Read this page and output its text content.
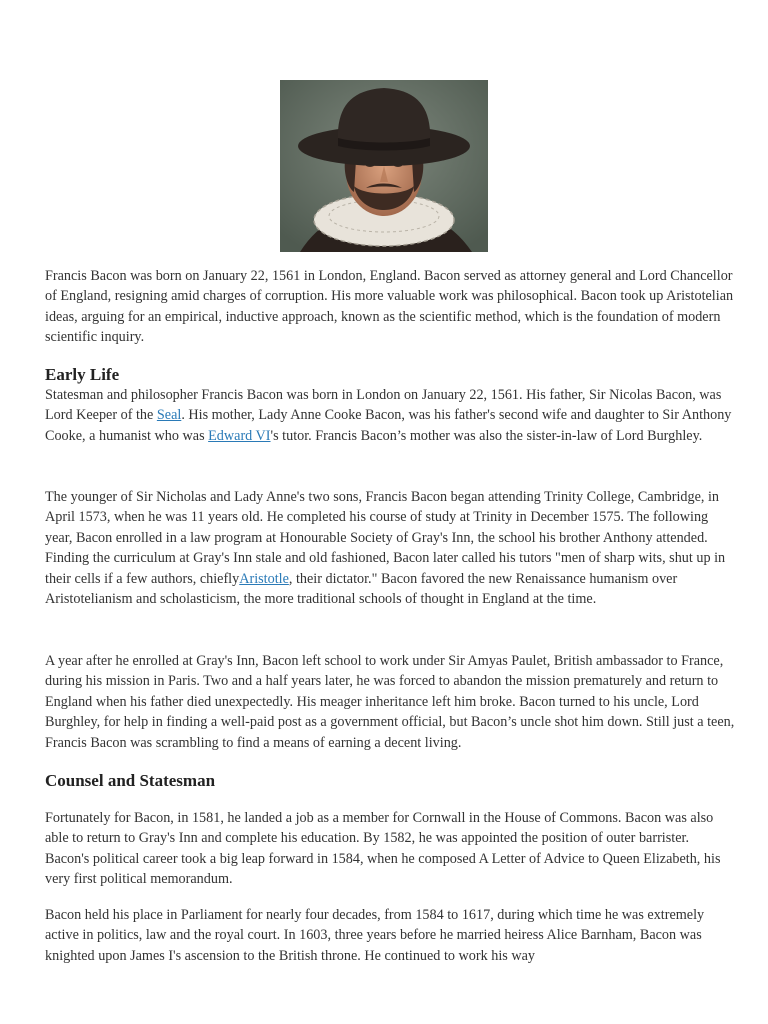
Francis Bacon was born on January 22, 1561 in London, England. Bacon served as attorney general and Lord Chancellor of England, resigning amid charges of corruption. His more valuable work was philosophical. Bacon took up Aristotelian ideas, arguing for an empirical, inductive approach, known as the scientific method, which is the foundation of modern scientific inquiry.

Early Life

Statesman and philosopher Francis Bacon was born in London on January 22, 1561. His father, Sir Nicolas Bacon, was Lord Keeper of the Seal. His mother, Lady Anne Cooke Bacon, was his father's second wife and daughter to Sir Anthony Cooke, a humanist who was Edward VI's tutor. Francis Bacon’s mother was also the sister-in-law of Lord Burghley.

The younger of Sir Nicholas and Lady Anne's two sons, Francis Bacon began attending Trinity College, Cambridge, in April 1573, when he was 11 years old. He completed his course of study at Trinity in December 1575. The following year, Bacon enrolled in a law program at Honourable Society of Gray's Inn, the school his brother Anthony attended. Finding the curriculum at Gray's Inn stale and old fashioned, Bacon later called his tutors "men of sharp wits, shut up in their cells if a few authors, chieflyAristotle, their dictator." Bacon favored the new Renaissance humanism over Aristotelianism and scholasticism, the more traditional schools of thought in England at the time.

A year after he enrolled at Gray's Inn, Bacon left school to work under Sir Amyas Paulet, British ambassador to France, during his mission in Paris. Two and a half years later, he was forced to abandon the mission prematurely and return to England when his father died unexpectedly. His meager inheritance left him broke. Bacon turned to his uncle, Lord Burghley, for help in finding a well-paid post as a government official, but Bacon’s uncle shot him down. Still just a teen, Francis Bacon was scrambling to find a means of earning a decent living.

Counsel and Statesman

Fortunately for Bacon, in 1581, he landed a job as a member for Cornwall in the House of Commons. Bacon was also able to return to Gray's Inn and complete his education. By 1582, he was appointed the position of outer barrister. Bacon's political career took a big leap forward in 1584, when he composed A Letter of Advice to Queen Elizabeth, his very first political memorandum.

Bacon held his place in Parliament for nearly four decades, from 1584 to 1617, during which time he was extremely active in politics, law and the royal court. In 1603, three years before he married heiress Alice Barnham, Bacon was knighted upon James I's ascension to the British throne. He continued to work his way
